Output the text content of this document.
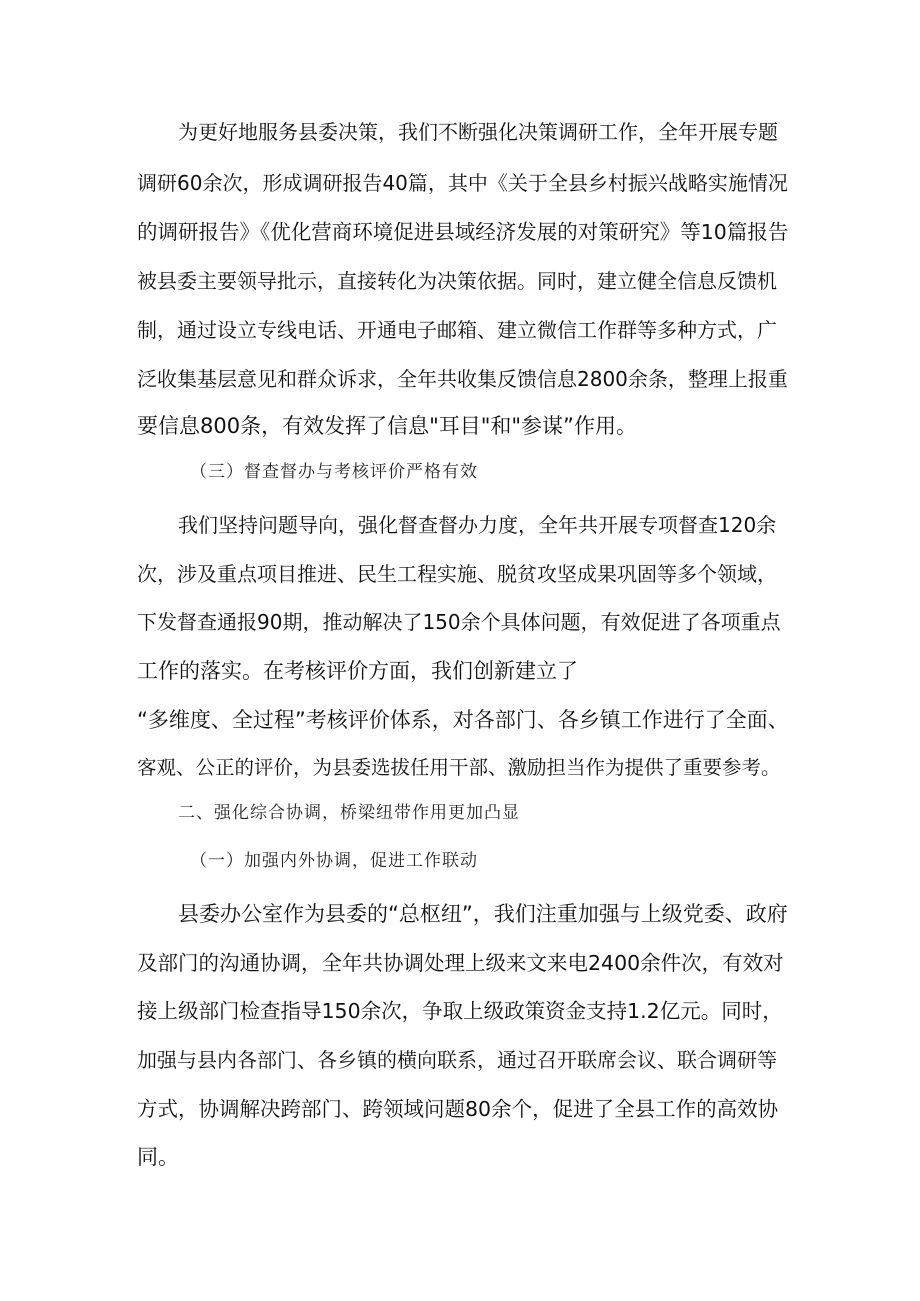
为更好地服务县委决策，我们不断强化决策调研工作，全年开展专题
调研60余次，形成调研报告40篇，其中《关于全县乡村振兴战略实施情况
的调研报告》《优化营商环境促进县域经济发展的对策研究》等10篇报告
被县委主要领导批示，直接转化为决策依据。同时，建立健全信息反馈机
制，通过设立专线电话、开通电子邮箱、建立微信工作群等多种方式，广
泛收集基层意见和群众诉求，全年共收集反馈信息2800余条，整理上报重
要信息800条，有效发挥了信息"耳目"和"参谋”作用。
（三）督查督办与考核评价严格有效
我们坚持问题导向，强化督查督办力度，全年共开展专项督查120余
次，涉及重点项目推进、民生工程实施、脱贫攻坚成果巩固等多个领域，
下发督查通报90期，推动解决了150余个具体问题，有效促进了各项重点
工作的落实。在考核评价方面，我们创新建立了
“多维度、全过程”考核评价体系，对各部门、各乡镇工作进行了全面、
客观、公正的评价，为县委选拔任用干部、激励担当作为提供了重要参考。
二、强化综合协调，桥梁纽带作用更加凸显
（一）加强内外协调，促进工作联动
县委办公室作为县委的“总枢纽”，我们注重加强与上级党委、政府
及部门的沟通协调，全年共协调处理上级来文来电2400余件次，有效对
接上级部门检查指导150余次，争取上级政策资金支持1.2亿元。同时，
加强与县内各部门、各乡镇的横向联系，通过召开联席会议、联合调研等
方式，协调解决跨部门、跨领域问题80余个，促进了全县工作的高效协
同。
